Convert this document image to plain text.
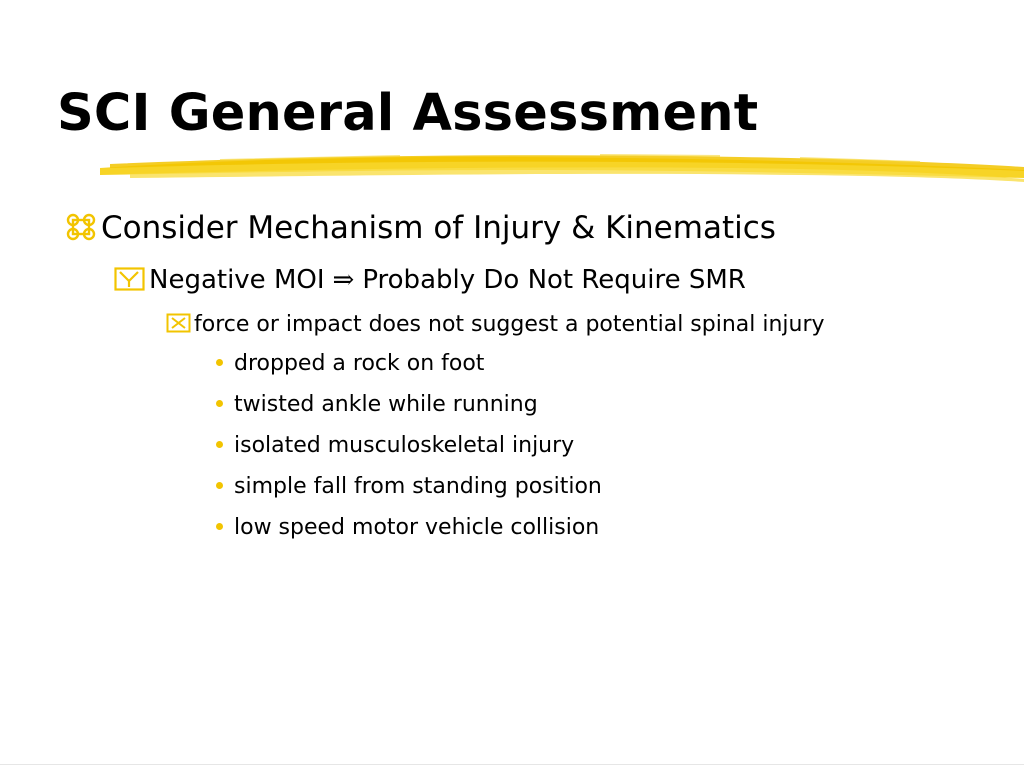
SCI General Assessment
Consider Mechanism of Injury & Kinematics
Negative MOI ⇒ Probably Do Not Require SMR
force or impact does not suggest a potential spinal injury
dropped a rock on foot
twisted ankle while running
isolated musculoskeletal injury
simple fall from standing position
low speed motor vehicle collision
